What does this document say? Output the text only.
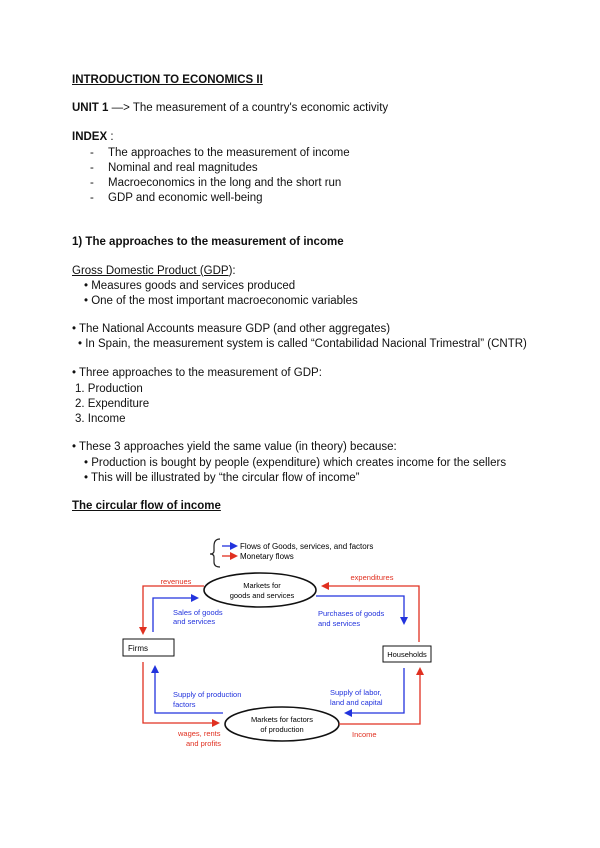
INTRODUCTION TO ECONOMICS II
UNIT 1 —> The measurement of a country's economic activity
INDEX :
- The approaches to the measurement of income
- Nominal and real magnitudes
- Macroeconomics in the long and the short run
- GDP and economic well-being
1) The approaches to the measurement of income
Gross Domestic Product (GDP):
• Measures goods and services produced
• One of the most important macroeconomic variables
• The National Accounts measure GDP (and other aggregates)
• In Spain, the measurement system is called “Contabilidad Nacional Trimestral” (CNTR)
• Three approaches to the measurement of GDP:
1. Production
2. Expenditure
3. Income
• These 3 approaches yield the same value (in theory) because:
• Production is bought by people (expenditure) which creates income for the sellers
• This will be illustrated by “the circular flow of income”
The circular flow of income
Flows of Goods, services, and factors
Monetary flows
Markets for
goods and services
Markets for factors
of production
Firms
Households
revenues
Sales of goods
and services
expenditures
Purchases of goods
and services
Supply of production
factors
wages, rents
and profits
Supply of labor,
land and capital
Income
